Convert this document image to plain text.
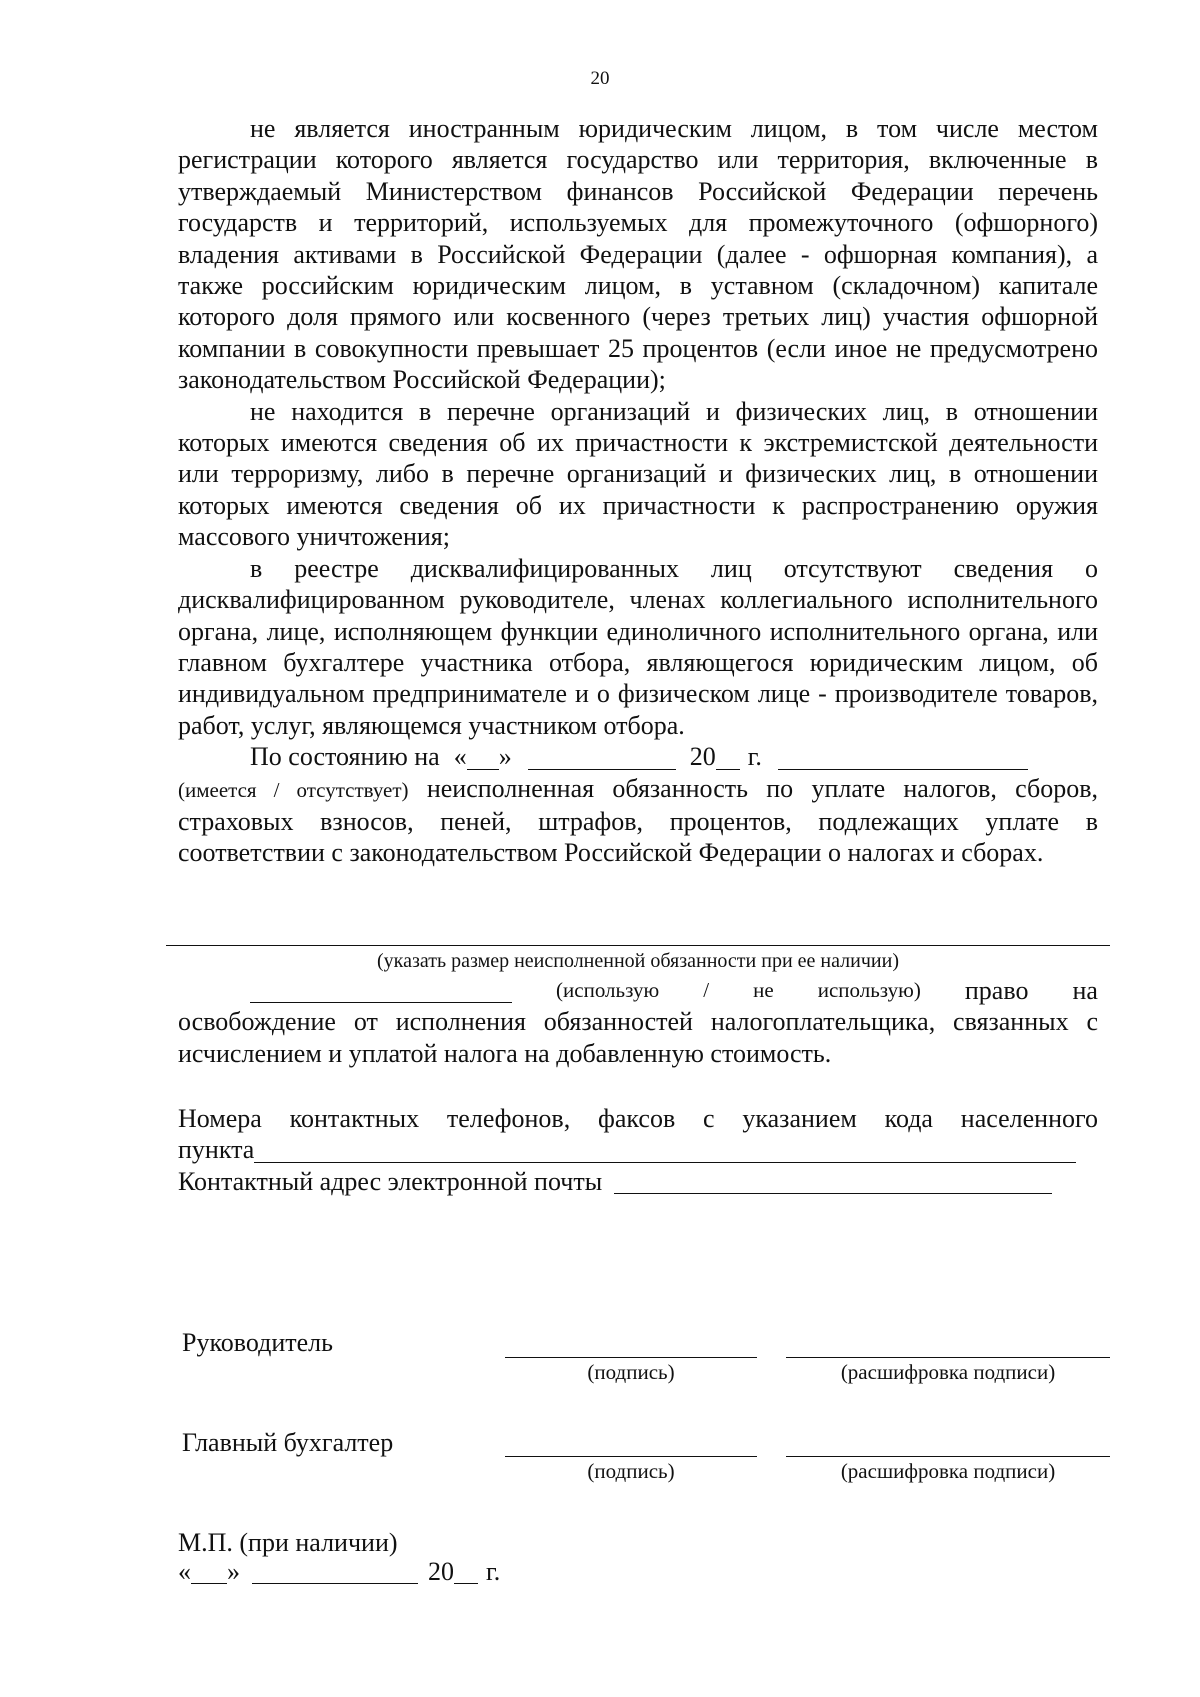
20

не является иностранным юридическим лицом, в том числе местом регистрации которого является государство или территория, включенные в утверждаемый Министерством финансов Российской Федерации перечень государств и территорий, используемых для промежуточного (офшорного) владения активами в Российской Федерации (далее - офшорная компания), а также российским юридическим лицом, в уставном (складочном) капитале которого доля прямого или косвенного (через третьих лиц) участия офшорной компании в совокупности превышает 25 процентов (если иное не предусмотрено законодательством Российской Федерации);

не находится в перечне организаций и физических лиц, в отношении которых имеются сведения об их причастности к экстремистской деятельности или терроризму, либо в перечне организаций и физических лиц, в отношении которых имеются сведения об их причастности к распространению оружия массового уничтожения;

в реестре дисквалифицированных лиц отсутствуют сведения о дисквалифицированном руководителе, членах коллегиального исполнительного органа, лице, исполняющем функции единоличного исполнительного органа, или главном бухгалтере участника отбора, являющегося юридическим лицом, об индивидуальном предпринимателе и о физическом лице - производителе товаров, работ, услуг, являющемся участником отбора.

По состоянию на « »	20 г.

(имеется / отсутствует) неисполненная обязанность по уплате налогов, сборов, страховых взносов, пеней, штрафов, процентов, подлежащих уплате в соответствии с законодательством Российской Федерации о налогах и сборах.

(указать размер неисполненной обязанности при ее наличии)
(использую / не использую) право на

освобождение от исполнения обязанностей налогоплательщика, связанных с исчислением и уплатой налога на добавленную стоимость.

Номера контактных телефонов, факсов с указанием кода населенного

пункта
Контактный адрес электронной почты
Руководитель
(подпись)	(расшифровка подписи)
Главный бухгалтер
(подпись)	(расшифровка подписи)
М.П. (при наличии)
« »	20 г.
